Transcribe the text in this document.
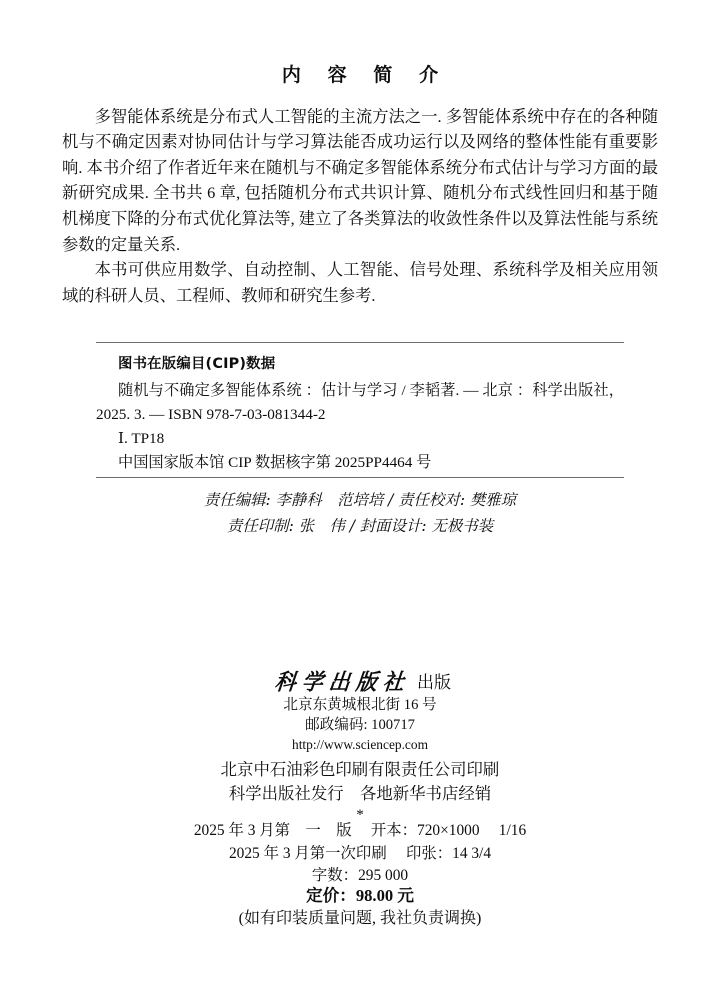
内 容 简 介

多智能体系统是分布式人工智能的主流方法之一. 多智能体系统中存在的各种随机与不确定因素对协同估计与学习算法能否成功运行以及网络的整体性能有重要影响. 本书介绍了作者近年来在随机与不确定多智能体系统分布式估计与学习方面的最新研究成果. 全书共 6 章, 包括随机分布式共识计算、随机分布式线性回归和基于随机梯度下降的分布式优化算法等, 建立了各类算法的收敛性条件以及算法性能与系统参数的定量关系.

本书可供应用数学、自动控制、人工智能、信号处理、系统科学及相关应用领域的科研人员、工程师、教师和研究生参考.

图书在版编目(CIP)数据

随机与不确定多智能体系统 ：估计与学习 / 李韬著. –– 北京 ：科学出版社，2025. 3. –– ISBN 978-7-03-081344-2

Ⅰ. TP18

中国国家版本馆 CIP 数据核字第 2025PP4464 号

责任编辑: 李静科　范培培 / 责任校对: 樊雅琼

责任印制: 张　伟 / 封面设计: 无极书装

科学出版社 出版

北京东黄城根北街 16 号

邮政编码: 100717

http://www.sciencep.com

北京中石油彩色印刷有限责任公司印刷

科学出版社发行　各地新华书店经销

*

2025 年 3 月第　一　版　 开本：720×1000　 1/16

2025 年 3 月第一次印刷　 印张：14 3/4

字数：295 000

定价：98.00 元

(如有印装质量问题, 我社负责调换)
